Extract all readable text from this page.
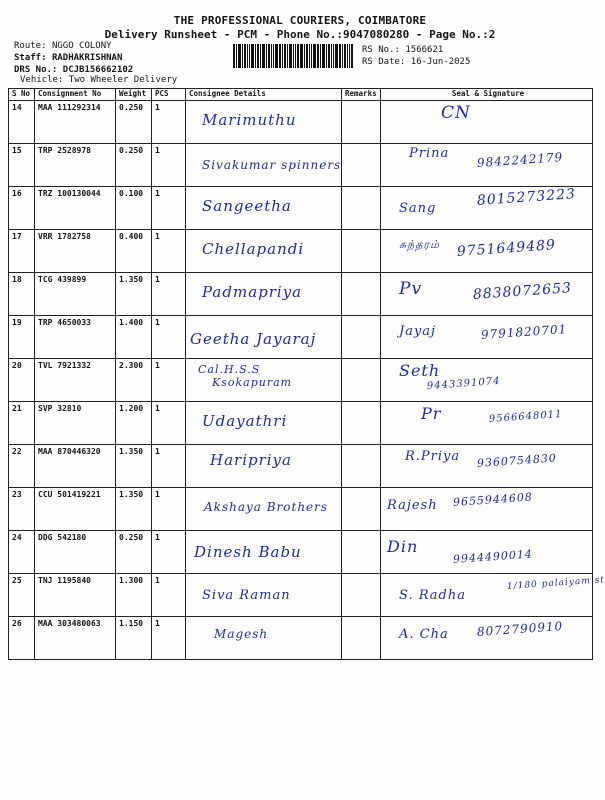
THE PROFESSIONAL COURIERS, COIMBATORE
Delivery Runsheet - PCM - Phone No.:9047080280 - Page No.:2
Route: NGGO COLONY
Staff: RADHAKRISHNAN
DRS No.: DCJB156662102
Vehicle: Two Wheeler Delivery
RS No.: 1566621
RS Date: 16-Jun-2025
S No	Consignment No	Weight	PCS	Consignee Details	Remarks	Seal & Signature
14	MAA 111292314	0.250	1	Marimuthu		CN

15	TRP 2528978	0.250	1	Sivakumar spinners		Prina 9842242179

16	TRZ 100130044	0.100	1	Sangeetha		Sang 8015273223

17	VRR 1782758	0.400	1	Chellapandi		சுந்தரம் 9751649489

18	TCG 439899	1.350	1	Padmapriya		Pv 8838072653

19	TRP 4650033	1.400	1	Geetha Jayaraj		Jayaj 9791820701

20	TVL 7921332	2.300	1	Cal.H.S.S
Ksokapuram		Seth
9443391074

21	SVP 32810	1.200	1	Udayathri		Pr 9566648011

22	MAA 870446320	1.350	1	Haripriya		R.Priya 9360754830

23	CCU 501419221	1.350	1	Akshaya Brothers		Rajesh 9655944608

24	DDG 542180	0.250	1	Dinesh Babu		Din
9944490014

25	TNJ 1195840	1.300	1	Siva Raman		S. Radha
1/180 palaiyam st

26	MAA 303480063	1.150	1	Magesh		A. Cha 8072790910
